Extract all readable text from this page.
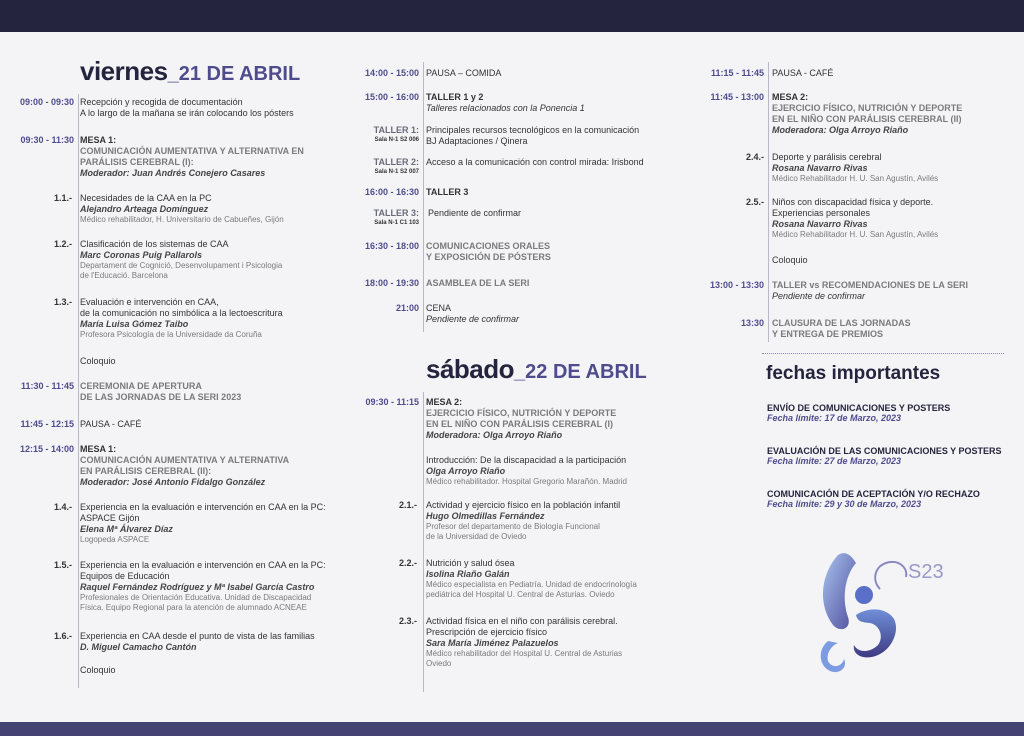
viernes_21 DE ABRIL
09:00 - 09:30 Recepción y recogida de documentación
A lo largo de la mañana se irán colocando los pósters
09:30 - 11:30 MESA 1:
COMUNICACIÓN AUMENTATIVA Y ALTERNATIVA EN
PARÁLISIS CEREBRAL (I):
Moderador: Juan Andrés Conejero Casares
1.1.- Necesidades de la CAA en la PC
Alejandro Arteaga Domínguez
Médico rehabilitador, H. Universitario de Cabueñes, Gijón
1.2.- Clasificación de los sistemas de CAA
Marc Coronas Puig Pallarols
Departament de Cognició, Desenvolupament i Psicologia
de l'Educació. Barcelona
1.3.- Evaluación e intervención en CAA,
de la comunicación no simbólica a la lectoescritura
María Luisa Gómez Taibo
Profesora Psicología de la Universidade da Coruña
Coloquio
11:30 - 11:45 CEREMONIA DE APERTURA
DE LAS JORNADAS DE LA SERI 2023
11:45 - 12:15 PAUSA - CAFÉ
12:15 - 14:00 MESA 1:
COMUNICACIÓN AUMENTATIVA Y ALTERNATIVA
EN PARÁLISIS CEREBRAL (II):
Moderador: José Antonio Fidalgo González
1.4.- Experiencia en la evaluación e intervención en CAA en la PC:
ASPACE Gijón
Elena Mª Álvarez Díaz
Logopeda ASPACE
1.5.- Experiencia en la evaluación e intervención en CAA en la PC:
Equipos de Educación
Raquel Fernández Rodríguez y Mª Isabel García Castro
Profesionales de Orientación Educativa. Unidad de Discapacidad
Física. Equipo Regional para la atención de alumnado ACNEAE
1.6.- Experiencia en CAA desde el punto de vista de las familias
D. Miguel Camacho Cantón
Coloquio
14:00 - 15:00 PAUSA – COMIDA
15:00 - 16:00 TALLER 1 y 2
Talleres relacionados con la Ponencia 1
TALLER 1:
Sala N-1 S2 006
Principales recursos tecnológicos en la comunicación
BJ Adaptaciones / Qinera
TALLER 2:
Sala N-1 S2 007
Acceso a la comunicación con control mirada: Irisbond
16:00 - 16:30 TALLER 3
TALLER 3:
Sala N-1 C1 103
Pendiente de confirmar
16:30 - 18:00 COMUNICACIONES ORALES
Y EXPOSICIÓN DE PÓSTERS
18:00 - 19:30 ASAMBLEA DE LA SERI
21:00 CENA
Pendiente de confirmar
sábado_22 DE ABRIL
09:30 - 11:15 MESA 2:
EJERCICIO FÍSICO, NUTRICIÓN Y DEPORTE
EN EL NIÑO CON PARÁLISIS CEREBRAL (I)
Moderadora: Olga Arroyo Riaño
Introducción: De la discapacidad a la participación
Olga Arroyo Riaño
Médico rehabilitador. Hospital Gregorio Marañón. Madrid
2.1.- Actividad y ejercicio físico en la población infantil
Hugo Olmedillas Fernández
Profesor del departamento de Biología Funcional
de la Universidad de Oviedo
2.2.- Nutrición y salud ósea
Isolina Riaño Galán
Médico especialista en Pediatría. Unidad de endocrinología
pediátrica del Hospital U. Central de Asturias. Oviedo
2.3.- Actividad física en el niño con parálisis cerebral.
Prescripción de ejercicio físico
Sara María Jiménez Palazuelos
Médico rehabilitador del Hospital U. Central de Asturias
Oviedo
11:15 - 11:45 PAUSA - CAFÉ
11:45 - 13:00 MESA 2:
EJERCICIO FÍSICO, NUTRICIÓN Y DEPORTE
EN EL NIÑO CON PARÁLISIS CEREBRAL (II)
Moderadora: Olga Arroyo Riaño
2.4.- Deporte y parálisis cerebral
Rosana Navarro Rivas
Médico Rehabilitador H. U. San Agustín, Avilés
2.5.- Niños con discapacidad física y deporte.
Experiencias personales
Rosana Navarro Rivas
Médico Rehabilitador H. U. San Agustín, Avilés
Coloquio
13:00 - 13:30 TALLER vs RECOMENDACIONES DE LA SERI
Pendiente de confirmar
13:30 CLAUSURA DE LAS JORNADAS
Y ENTREGA DE PREMIOS
fechas importantes
ENVÍO DE COMUNICACIONES Y POSTERS
Fecha límite: 17 de Marzo, 2023
EVALUACIÓN DE LAS COMUNICACIONES Y POSTERS
Fecha límite: 27 de Marzo, 2023
COMUNICACIÓN DE ACEPTACIÓN Y/O RECHAZO
Fecha límite: 29 y 30 de Marzo, 2023
S23
